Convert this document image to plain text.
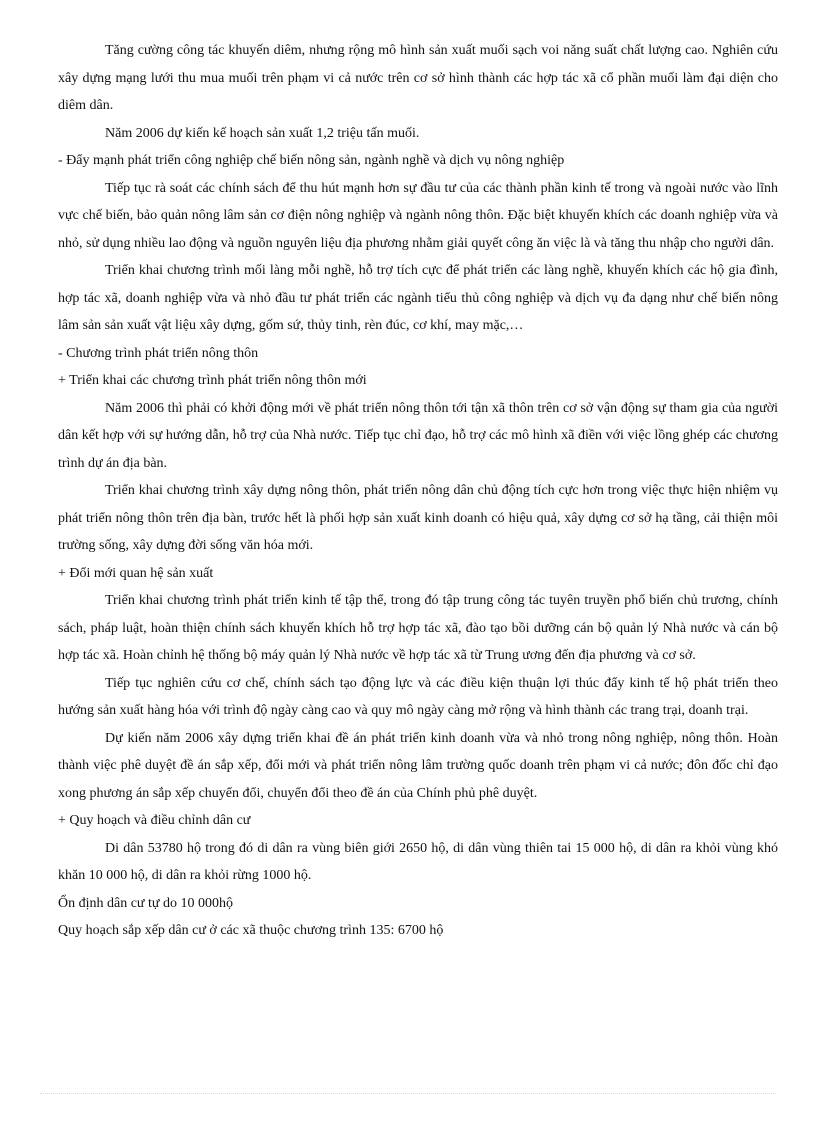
Tăng cường công tác khuyến diêm, nhưng rộng mô hình sản xuất muối sạch voi năng suất chất lượng cao. Nghiên cứu xây dựng mạng lưới thu mua muối trên phạm vi cả nước trên cơ sở hình thành các hợp tác xã cổ phần muối làm đại diện cho diêm dân.

Năm 2006 dự kiến kế hoạch sản xuất 1,2 triệu tấn muối.

- Đẩy mạnh phát triển công nghiệp chế biến nông sản, ngành nghề và dịch vụ nông nghiệp

Tiếp tục rà soát các chính sách để thu hút mạnh hơn sự đầu tư của các thành phần kinh tế trong và ngoài nước vào lĩnh vực chế biến, bảo quản nông lâm sản cơ điện nông nghiệp và ngành nông thôn. Đặc biệt khuyến khích các doanh nghiệp vừa và nhỏ, sử dụng nhiều lao động và nguồn nguyên liệu địa phương nhằm giải quyết công ăn việc là và tăng thu nhập cho người dân.

Triển khai chương trình mối làng mỗi nghề, hỗ trợ tích cực để phát triển các làng nghề, khuyến khích các hộ gia đình, hợp tác xã, doanh nghiệp vừa và nhỏ đầu tư phát triển các ngành tiểu thủ công nghiệp và dịch vụ đa dạng như chế biến nông lâm sản sản xuất vật liệu xây dựng, gốm sứ, thủy tinh, rèn đúc, cơ khí, may mặc,…

- Chương trình phát triển nông thôn

+ Triển khai các chương trình phát triển nông thôn mới

Năm 2006 thì phải có khởi động mới về phát triển nông thôn tới tận xã thôn trên cơ sở vận động sự tham gia của người dân kết hợp với sự hướng dẫn, hỗ trợ của Nhà nước. Tiếp tục chỉ đạo, hỗ trợ các mô hình xã điền với việc lồng ghép các chương trình dự án địa bàn.

Triển khai chương trình xây dựng nông thôn, phát triển nông dân chủ động tích cực hơn trong việc thực hiện nhiệm vụ phát triển nông thôn trên địa bàn, trước hết là phối hợp sản xuất kinh doanh có hiệu quả, xây dựng cơ sở hạ tầng, cải thiện môi trường sống, xây dựng đời sống văn hóa mới.

+ Đổi mới quan hệ sản xuất

Triển khai chương trình phát triển kinh tế tập thể, trong đó tập trung công tác tuyên truyền phổ biến chủ trương, chính sách, pháp luật, hoàn thiện chính sách khuyến khích hỗ trợ hợp tác xã, đào tạo bồi dưỡng cán bộ quản lý Nhà nước và cán bộ hợp tác xã. Hoàn chỉnh hệ thống bộ máy quản lý Nhà nước về hợp tác xã từ Trung ương đến địa phương và cơ sở.

Tiếp tục nghiên cứu cơ chế, chính sách tạo động lực và các điều kiện thuận lợi thúc đẩy kinh tế hộ phát triển theo hướng sản xuất hàng hóa với trình độ ngày càng cao và quy mô ngày càng mở rộng và hình thành các trang trại, doanh trại.

Dự kiến năm 2006 xây dựng triển khai đề án phát triển kinh doanh vừa và nhỏ trong nông nghiệp, nông thôn. Hoàn thành việc phê duyệt đề án sắp xếp, đổi mới và phát triển nông lâm trường quốc doanh trên phạm vi cả nước; đôn đốc chỉ đạo xong phương án sắp xếp chuyển đổi, chuyển đổi theo đề án của Chính phủ phê duyệt.

+ Quy hoạch và điều chỉnh dân cư

Di dân 53780 hộ trong đó di dân ra vùng biên giới 2650 hộ, di dân vùng thiên tai 15 000 hộ, di dân ra khỏi vùng khó khăn 10 000 hộ, di dân ra khỏi rừng 1000 hộ.

Ổn định dân cư tự do 10 000hộ

Quy hoạch sắp xếp dân cư ở các xã thuộc chương trình 135: 6700 hộ
